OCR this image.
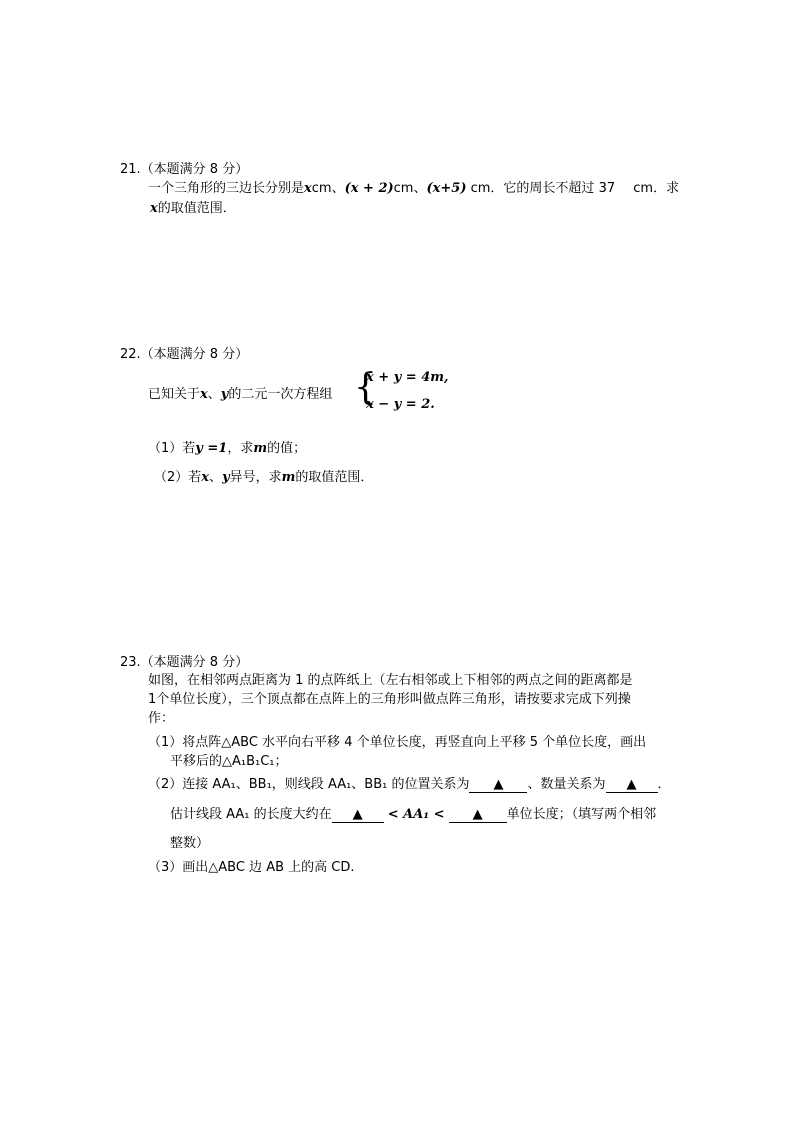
21.（本题满分 8 分）
一个三角形的三边长分别是xcm、(x + 2)cm、(x+5) cm．它的周长不超过 37 cm．求
x的取值范围．
22.（本题满分 8 分）
已知关于x、y的二元一次方程组 {
x + y = 4m,
x − y = 2.
（1）若y =1，求m的值；
（2）若x、y异号，求m的取值范围．
23.（本题满分 8 分）
如图，在相邻两点距离为 1 的点阵纸上（左右相邻或上下相邻的两点之间的距离都是
1个单位长度），三个顶点都在点阵上的三角形叫做点阵三角形，请按要求完成下列操
作：
（1）将点阵△ABC 水平向右平移 4 个单位长度，再竖直向上平移 5 个单位长度，画出
平移后的△A₁B₁C₁；
（2）连接 AA₁、BB₁，则线段 AA₁、BB₁ 的位置关系为 ▲ 、数量关系为 ▲ ．
估计线段 AA₁ 的长度大约在 ▲ < AA₁ < ▲ 单位长度；（填写两个相邻
整数）
（3）画出△ABC 边 AB 上的高 CD.
